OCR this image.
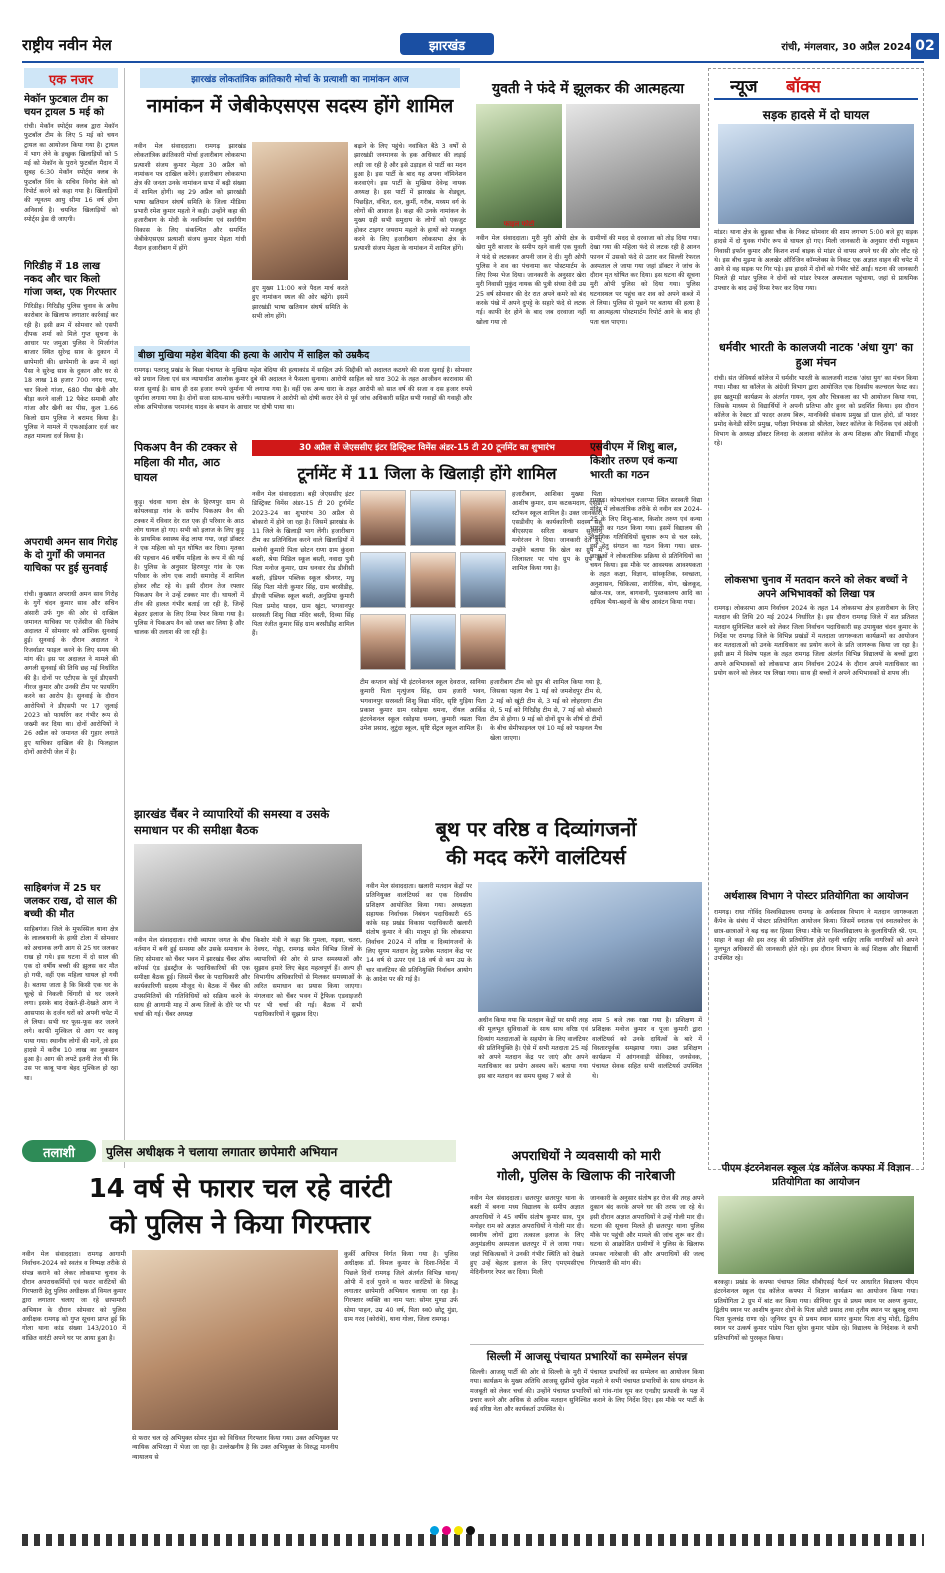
राष्ट्रीय नवीन मेल	झारखंड	रांची, मंगलवार, 30 अप्रैल 2024 02
एक नजर
मेकॉन फुटबाल टीम का चयन ट्रायल 5 मई को
रांची। मेकॉन स्पोर्ट्स क्लब द्वारा मेकॉन फुटबॉल टीम के लिए 5 मई को चयन ट्रायल का आयोजन किया गया है। ट्रायल में भाग लेने के इच्छुक खिलाड़ियों को 5 मई को मेकॉन के पुराने फुटबॉल मैदान में सुबह 6:30 मेकॉन स्पोर्ट्स क्लब के फुटबॉल विंग के सचिव विनोद बेले को रिपोर्ट करने को कहा गया है। खिलाड़ियों की न्यूनतम आयु सीमा 16 वर्ष होना अनिवार्य है। चयनित खिलाड़ियों को स्पोर्ट्स ड्रेस दी जाएगी।
गिरिडीह में 18 लाख नकद और चार किलो गांजा जब्त, एक गिरफ्तार
गिरिडीह। गिरिडीह पुलिस चुनाव के अवैध कारोबार के खिलाफ लगातार कार्रवाई कर रही है। इसी क्रम में सोमवार को एसपी दीपक शर्मा को मिले गुप्त सूचना के आधार पर जमुआ पुलिस ने मिर्जागंज बाजार स्थित सुरेन्द्र साव के दुकान में छापेमारी की। छापेमारी के क्रम में वहां पैसा ने सुरेन्द्र साव के दुकान और घर से 18 लाख 18 हजार 700 नगद रुपए, चार किलो गांजा, 680 पीस खैनी और बीड़ा करने वाली 12 पैकेट समाबी और गांजा और खैनी का पीस, कुल 1.66 किलो ग्राम पुलिस ने बरामद किया है। पुलिस ने मामले में एफआईआर दर्ज कर तहत मामला दर्ज किया है।
अपराधी अमन साव गिरोह के दो गुर्गों की जमानत याचिका पर हुई सुनवाई
रांची। कुख्यात अपराधी अमन साव गिरोह के गुर्गे चंदन कुमार साव और सचिन अंसारी उर्फ गुरु की ओर से दाखिल जमानत याचिका पर एजेंसीज की विशेष अदालत में सोमवार को आंशिक सुनवाई हुई। सुनवाई के दौरान अदालत ने रिजर्वाडर फाइल करने के लिए समय की मांग की। इस पर अदालत ने मामले की अगली सुनवाई की तिथि छह मई निर्धारित की है। दोनों पर एटीएस के पूर्व डीएसपी नीरज कुमार और उनकी टीम पर फायरिंग करने का आरोप है। सुनवाई के दौरान आरोपियों ने डीएसपी पर 17 जुलाई 2023 को फायरिंग कर गंभीर रूप से जख्मी कर दिया था। दोनों आरोपियों ने 26 अप्रैल को जमानत की गुहार लगाते हुए याचिका दाखिल की है। फिलहाल दोनों आरोपी जेल में है।
साहिबगंज में 25 घर जलकर राख, दो साल की बच्ची की मौत
साहिबगंज। जिले के मुफस्सिल थाना क्षेत्र के लालबथानी के हाथी टोला में सोमवार को अचानक लगी आग से 25 घर जलकर राख हो गये। इस घटना में दो साल की एक दो वर्षीय बच्ची की झुलस कर मौत हो गयी, वहीं एक महिला घायल हो गयी है। बताया जाता है कि किसी एक घर के चूल्हे से निकली चिंगारी से घर जलने लगा। इसके बाद देखते-ही-देखते आग ने आसपास के दर्जन घरों को अपनी चपेट में ले लिया। सभी घर फूस-फूस कर जलने लगे। काफी मुश्किल से आग पर काबू पाया गया। स्थानीय लोगों की मानें, तो इस हादसे में करीब 10 लाख का नुकसान हुआ है। आग की लपटें इतनी तेज थी कि उस पर काबू पाना बेहद मुश्किल हो रहा था।
झारखंड लोकतांत्रिक क्रांतिकारी मोर्चा के प्रत्याशी का नामांकन आज
नामांकन में जेबीकेएसएस सदस्य होंगे शामिल
नवीन मेल संवाददाता। रामगढ़ झारखंड लोकतांत्रिक क्रांतिकारी मोर्चा हजारीबाग लोकसभा प्रत्याशी संजय कुमार मेहता 30 अप्रैल को नामांकन पत्र दाखिल करेंगे। हजारीबाग लोकसभा क्षेत्र की जनता उनके नामांकन सभा में बढ़ी संख्या में शामिल होगी। वह 29 अप्रैल को झारखंडी भाषा खतियान संघर्ष समिति के जिला मीडिया प्रभारी रमेश कुमार महतो ने कही। उन्होंने कहा की हजारीबाग के मोदी के नवनिर्माण एवं सर्वांगीण विकास के लिए संकल्पित और समर्पित जेबीकेएसएस प्रत्याशी संजय कुमार मेहता गांधी मैदान हजारीबाग में होंगे
हुए मुख्य 11:00 बजे पैदल मार्च करते हुए नामांकन स्थल की ओर बढ़ेंगे। इसमें झारखंडी भाषा खतियान संघर्ष समिति के सभी लोग होंगे।
बढ़ाने के लिए पहुंचे। नवांकित बैठे 3 वर्षों से झारखंडी जनमानस के हक अधिकार की लड़ाई लड़ी जा रही है और इसे उड़ाइल से पार्टी का मदन हुआ है। इस पार्टी के बाद यह अपना नॉमिनेशन करवाएंगे। इस पार्टी के मुखिया देवेन्द्र नायक अध्यक्ष है। इस पार्टी में झारखंड के शेड्यूल, पिछड़ित, वंचित, दल, कुर्मी, गरीब, मध्यम वर्ग के लोगों की आवाज है। कहा की उनके नामांकन के मुख्य ग्रही सभी समुदाय के लोगों को एकजुट होकर टाइगर जयराम महतो के हाथों को मजबूत करने के लिए हजारीबाग लोकसभा क्षेत्र के प्रत्याशी संजय मेहता के नामांकन में शामिल होंगे।
युवती ने फंदे में झूलकर की आत्महत्या
फाइल फोटो
नवीन मेल संवाददाता। मुरी मुरी ओपी क्षेत्र के खेरा मुरी बाजार के समीप रहने वाली एक युवती ने फंदे से लटककर अपनी जान दे दी। मुरी ओपी पुलिस ने शव का पंचनामा कर पोस्टमार्टम के लिए रिम्स भेज दिया। जानकारी के अनुसार खेरा मुरी निवासी मुकुंद नायक की पुत्री संध्या देवी उम्र 25 वर्ष सोमवार की देर रात अपने कमरे को बंद करके पंखे में अपने दुपट्टे के सहारे फंदे से लटक गई। काफी देर होने के बाद जब दरवाजा नहीं खोला गया तो
ग्रामीणों की मदद से दरवाजा को तोड़ दिया गया। देखा गया की महिला फंदे से लटक रही है आनन फानन में उसको फंदे से उतार कर सिल्ली रेफरल अस्पताल ले जाया गया जहां डॉक्टर ने जांच के दौरान मृत घोषित कर दिया। इस घटना की सूचना मुरी ओपी पुलिस को दिया गया। पुलिस घटनास्थल पर पहुंच कर शव को अपने कब्जे में ले लिया। पुलिस से पूछने पर बताया की हत्या है या आत्महत्या पोस्टमार्टम रिपोर्ट आने के बाद ही पता चल पाएगा।
न्यूज बॉक्स
सड़क हादसे में दो घायल
मांडर। थाना क्षेत्र के बुड़का चौक के निकट सोमवार की शाम लगभग 5:00 बजे हुए सड़क हादसे में दो युवक गंभीर रूप से घायल हो गए। मिली जानकारी के अनुसार रांची मधुकम निवासी इर्फान कुमार और किशन शर्मा बाइक से मांडर से वापस अपने घर की ओर लौट रहे थे। इस बीच मुड़मा के अलखेर ऑरिजिन कॉम्प्लेक्स के निकट एक अज्ञात वाहन की चपेट में आने से वह सड़क पर गिर पड़े। इस हादसे में दोनों को गंभीर चोटें आईं। घटना की जानकारी मिलते ही मांडर पुलिस ने दोनों को मांडर रेफरल अस्पताल पहुंचाया, जहां से प्राथमिक उपचार के बाद उन्हें रिम्स रेफर कर दिया गया।
धर्मवीर भारती के कालजयी नाटक 'अंधा युग' का हुआ मंचन
रांची। संत जेवियर्स कॉलेज में धर्मवीर भारती के कालजयी नाटक 'अंधा युग' का मंचन किया गया। मौका था कॉलेज के अंग्रेजी विभाग द्वारा आयोजित एक दिवसीय कल्चरल फेस्ट का। इस खतुमड़ी कार्यक्रम के अंतर्गत गायन, नृत्य और चित्रकला का भी आयोजन किया गया, जिसके माध्यम से विद्यार्थियों ने अपनी प्रतिभा और हुनर को प्रदर्शित किया। इस दौरान कॉलेज के रेक्टर डॉ फादर अजय बिरू, मानविकी संकाय प्रमुख डॉ ग्राल होरो, डॉ फादर प्रमोद केनेडी सोरेंग प्रमुख, परीक्षा नियंत्रक प्रो श्रीलेता, रेक्टर कॉलेज के निर्देशक एवं अंग्रेजी विभाग के अध्यक्ष डॉक्टर लिनदा के अलावा कॉलेज के अन्य शिक्षक और विद्यार्थी मौजूद रहे।
लोकसभा चुनाव में मतदान करने को लेकर बच्चों ने अपने अभिभावकों को लिखा पत्र
रामगढ़। लोकसभा आम निर्वाचन 2024 के तहत 14 लोकसभा क्षेत्र हजारीबाग के लिए मतदान की तिथि 20 मई 2024 निर्धारित है। इस दौरान रामगढ़ जिले में शत प्रतिशत मतदान सुनिश्चित करने को लेकर जिला निर्वाचन पदाधिकारी सह उपायुक्त चंदन कुमार के निर्देश पर रामगढ़ जिले के विभिन्न प्रखंडों में मतदाता जागरूकता कार्यक्रमों का आयोजन कर मतदाताओं को उनके मताधिकार का प्रयोग करने के प्रति जागरूक किया जा रहा है। इसी क्रम में विशेष पहल के तहत रामगढ़ जिला अंतर्गत विभिन्न विद्यालयों के बच्चों द्वारा अपने अभिभावकों को लोकसभा आम निर्वाचन 2024 के दौरान अपने मताधिकार का प्रयोग करने को लेकर पत्र लिखा गया। साथ ही बच्चों ने अपने अभिभावकों से शपथ ली।
अर्थशास्त्र विभाग ने पोस्टर प्रतियोगिता का आयोजन
रामगढ़। राधा गोविंद विश्वविद्यालय रामगढ़ के अर्थशास्त्र विभाग ने मतदान जागरूकता कैंपेन के संबंध में पोस्टर प्रतियोगिता आयोजन किया। जिसमें स्नातक एवं स्नातकोत्तर के छात्र-छात्राओं ने बढ़ चढ़ कर हिस्सा लिया। मौके पर विश्वविद्यालय के कुलाधिपति श्री. एम. साहा ने कहा की इस तरह की प्रतियोगिता होते रहनी चाहिए ताकि नागरिकों को अपने मूलभूत अधिकारों की जानकारी होते रहे। इस दौरान विभाग के कई शिक्षक और विद्यार्थी उपस्थित रहे।
पीएम इंटरनेशनल स्कूल एंड कॉलेज कफ्फा में विज्ञान प्रतियोगिता का आयोजन
बीछा मुखिया महेश बेदिया की हत्या के आरोप में साहिल को उम्रकैद
रामगढ़। पतरातू प्रखंड के बिछा पंचायत के मुखिया महेश बेदिया की हत्याकांड में साहिल उर्फ सिद्दीकी को अदालत कठघरे की सजा सुनाई है। सोमवार को प्रधान जिला एवं सत्र न्यायाधीश आलोक कुमार दुबे की अदालत ने फैसला सुनाया। आरोपी साहिल को धारा 302 के तहत आजीवन कारावास की सजा सुनाई है। साथ ही दस हजार रुपये जुर्माना भी लगाया गया है। वहीं एक अन्य धारा के तहत आरोपी को सात वर्ष की सजा व दस हजार रुपये जुर्माना लगाया गया है। दोनों सजा साथ-साथ चलेंगी। न्यायालय ने आरोपी को दोषी करार देने से पूर्व जांच अधिकारी सहित सभी गवाहों की गवाही और लोक अभियोजक परमानंद यादव के बयान के आधार पर दोषी पाया था।
पिकअप वैन की टक्कर से महिला की मौत, आठ घायल
कुड़ू। चंदवा थाना क्षेत्र के हिरणपुर ग्राम से कोयलवाड़ा गांव के समीप पिकअप वैन की टक्कर में रविवार देर रात एक ही परिवार के आठ लोग घायल हो गए। सभी को इलाज के लिए कुड़ू के प्राथमिक स्वास्थ्य केंद्र लाया गया, जहां डॉक्टर ने एक महिला को मृत घोषित कर दिया। मृतका की पहचान 46 वर्षीय महिला के रूप में की गई है। पुलिस के अनुसार हिरणपुर गांव के एक परिवार के लोग एक शादी समारोह में शामिल होकर लौट रहे थे। इसी दौरान तेज रफ्तार पिकअप वैन ने उन्हें टक्कर मार दी। घायलों में तीन की हालत गंभीर बताई जा रही है, जिन्हें बेहतर इलाज के लिए रिम्स रेफर किया गया है। पुलिस ने पिकअप वैन को जब्त कर लिया है और चालक की तलाश की जा रही है।
30 अप्रैल से जेएससीए इंटर डिस्ट्रिक्ट विमेंस अंडर-15 टी 20 टूर्नामेंट का शुभारंभ
टूर्नामेंट में 11 जिला के खिलाड़ी होंगे शामिल
नवीन मेल संवाददाता। बही जेएससीए इंटर डिस्ट्रिक्ट विमेंस अंडर-15 टी 20 टूर्नामेंट 2023-24 का शुभारंभ 30 अप्रैल से बोकारो में होने जा रहा है। जिसमें झारखंड के 11 जिले के खिलाड़ी भाग लेंगी। हजारीबाग टीम का प्रतिनिधित्व करने वाले खिलाड़ियों में सलोनी कुमारी पिता छोटन राणा ग्राम कुंदवा बस्ती, श्रेया मिडिल स्कूल बस्ती, नवादा पुत्री पिता मनोज कुमार, ग्राम धनवार रोड डीवीसी बस्ती, इंडियन पब्लिक स्कूल श्रीनगर, मधु सिंह पिता मोती कुमार सिंह, ग्राम बरसीडीह, डीएवी पब्लिक स्कूल बस्ती, अनुप्रिया कुमारी पिता प्रमोद यादव, ग्राम खुंटा, भगवानपुर सरस्वती शिशु विद्या मंदिर बस्ती, दिव्या सिंह पिता रंजीत कुमार सिंह ग्राम बरसीडीह शामिल हैं।
हजारीबाग, आशिका मुख्या पिता आशीष कुमार, ग्राम कटकमदाग, एसडी स्टॉफन स्कूल शामिल है। उक्त जानकारी एसडीवीए के कार्यकारिणी सदस्य सह बीएसएस सरिता कच्छप सुल्तान मनोरंजन ने दिया। जानकारी देते हुए उन्होंने बताया कि खेल का ग्रुप में जिलास्तर पर पांच ग्रुप के ग्रुप बी शामिल किया गया है।
टीम कप्तान कोई भी इंटरनेशनल स्कूल देवराज, सानिया कुमारी पिता मृत्युंजय सिंह, ग्राम हजारी भवन, भगवानपुर सरस्वती शिशु विद्या मंदिर, सृष्टि गुड़िया पिता प्रकाश कुमार ग्राम रसोइया धमना, रॉयल आर्किड इंटरनेशनल स्कूल रसोइया धमना, कुमारी नम्रता पिता उमेश प्रसाद, लुटुंदा स्कूल, सृष्टि सेंट्रल स्कूल शामिल हैं।
हजारीबाग टीम को ग्रुप बी शामिल किया गया है, जिसका पहला मैच 1 मई को जमशेदपुर टीम से, 2 मई को खूंटी टीम से, 3 मई को लोहरदगा टीम से, 5 मई को गिरिडीह टीम से, 7 मई को बोकारो टीम से होगा। 9 मई को दोनों ग्रुप के शीर्ष दो टीमों के बीच सेमीफाइनल एवं 10 मई को फाइनल मैच खेला जाएगा।
एसवीएम में शिशु बाल, किशोर तरुण एवं कन्या भारती का गठन
रामगढ़। कोयलांचल रजरप्पा स्थित सरस्वती विद्या मंदिर में लोकतांत्रिक तरीके से नवीन सत्र 2024-25 के लिए शिशु-बाल, किशोर तरुण एवं कन्या भारती का गठन किया गया। इसमें विद्यालय की शैक्षणिक गतिविधियों सुचारू रूप से चल सके, इस हेतु संगठन का गठन किया गया। छात्र-छात्राओं ने लोकतांत्रिक प्रक्रिया से प्रतिनिधियों का चयन किया। इस मौके पर आवश्यक आवश्यकता के तहत कक्षा, विज्ञान, सांस्कृतिक, स्वच्छता, अनुशासन, चिकित्सा, शारीरिक, योग, खेलकूद, खोज-पत्र, जल, बागवानी, पुस्तकालय आदि का दायित्व भैया-बहनों के बीच आवंटन किया गया।
झारखंड चैंबर ने व्यापारियों की समस्या व उसके समाधान पर की समीक्षा बैठक
नवीन मेल संवाददाता। रांची व्यापार जगत के बीच वर्तमान में बनी हुई समस्या और उसके समाधान के लिए सोमवार को चैंबर भवन में झारखंड चैंबर ऑफ कॉमर्स एंड इंडस्ट्रीज के पदाधिकारियों की एक समीक्षा बैठक हुई। जिसमें चैंबर के पदाधिकारी और कार्यकारिणी सदस्य मौजूद थे। बैठक में चैंबर की उपसमितियों की गतिविधियों को सक्रिय करने के साथ ही आगामी माह में अन्य जिलों के दौरे पर भी चर्चा की गई। चैंबर अध्यक्ष
किशोर मंत्री ने कहा कि गुमला, गढ़वा, चतरा, देवघर, गोड्डा, रामगढ़ समेत विभिन्न जिलों के व्यापारियों की ओर से प्राप्त समस्याओं और सुझाव हमारे लिए बेहद महत्वपूर्ण हैं। अल्प ही विभागीय अधिकारियों से मिलकर समस्याओं के त्वरित समाधान का प्रयास किया जाएगा। मंगलवार को चैंबर भवन में ट्रैफिक एडवाइजरी पर भी चर्चा की गई। बैठक में सभी पदाधिकारियों ने सुझाव दिए।
बूथ पर वरिष्ठ व दिव्यांगजनों
की मदद करेंगे वालंटियर्स
नवीन मेल संवाददाता। खलारी मतदान केंद्रों पर प्रतिनियुक्त वालंटियर्स का एक दिवसीय प्रशिक्षण आयोजित किया गया। अध्यक्षता सहायक निर्वाचक निबंधन पदाधिकारी 65 कांके सह प्रखंड विकास पदाधिकारी खलारी संतोष कुमार ने की। मालूम हो कि लोकसभा निर्वाचन 2024 में वरिष्ठ व दिव्यांगजनों के लिए सुगम मतदान हेतु प्रत्येक मतदान केंद्र पर 14 वर्ष से ऊपर एवं 18 वर्ष से कम उम्र के चार वालंटियर की प्रतिनियुक्ति निर्वाचन आयोग के आदेश पर की गई है।
अधीन किया गया कि मतदान केंद्रों पर सभी तरह की मूलभूत सुविधाओं के साथ साथ वरिष्ठ एवं दिव्यांग मतदाताओं के सहयोग के लिए वालंटियर की प्रतिनियुक्ति है। ऐसे में सभी मतदाता 25 मई को अपने मतदान केंद्र पर जाएं और अपने मताधिकार का प्रयोग अवश्य करें। बताया गया इस बार मतदान का समय सुबह 7 बजे से
शाम 5 बजे तक रखा गया है। प्रशिक्षण में प्रशिक्षक मनोज कुमार व पूजा कुमारी द्वारा वालंटियर्स को उनके दायित्वों के बारे में विस्तारपूर्वक समझाया गया। उक्त प्रशिक्षण कार्यक्रम में आंगनवाड़ी सेविका, जनसेवक, पंचायत सेवक सहित सभी वालंटियर्स उपस्थित थे।
तलाशी	पुलिस अधीक्षक ने चलाया लगातार छापेमारी अभियान
14 वर्ष से फारार चल रहे वारंटी
को पुलिस ने किया गिरफ्तार
नवीन मेल संवाददाता। रामगढ़ आगामी निर्वाचन-2024 को स्वतंत्र व निष्पक्ष तरीके से संपन्न कराने को लेकर लोकसभा चुनाव के दौरान अपराधकर्मियों एवं फरार वारंटियों की गिरफ्तारी हेतु पुलिस अधीक्षक डॉ विमल कुमार द्वारा लगातार चलाए जा रहे छापामारी अभियान के दौरान सोमवार को पुलिस अधीक्षक रामगढ़ को गुप्त सूचना प्राप्त हुई कि गोला थाना कांड संख्या 143/2010 में वांछित वारंटी अपने घर पर आया हुआ है।
कुर्की अधिपत्र निर्गत किया गया है। पुलिस अधीक्षक डॉ. विमल कुमार के दिशा-निर्देश में पिछले दिनों रामगढ़ जिले अंतर्गत विभिन्न थाना/ओपी में दर्ज पुराने व फरार वारंटियों के विरुद्ध लगातार छापेमारी अभियान चलाया जा रहा है। गिरफ्तार व्यक्ति का नाम पता: सोमर मुण्डा उर्फ सोमा पाहन, उम्र 40 वर्ष, पिता स्व0 छोटू मुंडा, ग्राम गरद (कोरांबे), थाना गोला, जिला रामगढ़।
से फरार चल रहे अभियुक्त सोमर मुंडा को विधिवत गिरफ्तार किया गया। उक्त अभियुक्त पर न्यायिक अभिरक्षा में भेजा जा रहा है। उल्लेखनीय है कि उक्त अभियुक्त के विरुद्ध माननीय न्यायालय से
अपराधियों ने व्यवसायी को मारी
गोली, पुलिस के खिलाफ की नारेबाजी
नवीन मेल संवाददाता। छतरपुर छतरपुर थाना के बस्ती में बनना मध्य विद्यालय के समीप अज्ञात अपराधियों ने 45 वर्षीय संतोष कुमार साव, पुत्र मनोहर राम को अज्ञात अपराधियों ने गोली मार दी। स्थानीय लोगों द्वारा तत्काल इलाज के लिए अनुमंडलीय अस्पताल छतरपुर में ले जाया गया। जहां चिकित्सकों ने उनकी गंभीर स्थिति को देखते हुए उन्हें बेहतर इलाज के लिए एमएमसीएच मेदिनीनगर रेफर कर दिया। मिली
जानकारी के अनुसार संतोष हर रोज की तरह अपने दुकान बंद करके अपने घर की तरफ जा रहे थे। इसी दौरान अज्ञात अपराधियों ने उन्हें गोली मार दी। घटना की सूचना मिलते ही छतरपुर थाना पुलिस मौके पर पहुंची और मामले की जांच शुरू कर दी। घटना से आक्रोशित ग्रामीणों ने पुलिस के खिलाफ जमकर नारेबाजी की और अपराधियों की जल्द गिरफ्तारी की मांग की।
सिल्ली में आजसू पंचायत प्रभारियों का सम्मेलन संपन्न
सिल्ली। आजसू पार्टी की ओर से सिल्ली के मुरी में पंचायत प्रभारियों का सम्मेलन का आयोजन किया गया। कार्यक्रम के मुख्य अतिथि आजसू सुप्रीमो सुदेश महतो ने सभी पंचायत प्रभारियों के साथ संगठन के मजबूती को लेकर चर्चा की। उन्होंने पंचायत प्रभारियों को गांव-गांव घूम कर एनडीए प्रत्याशी के पक्ष में प्रचार करने और अधिक से अधिक मतदान सुनिश्चित कराने के लिए निर्देश दिए। इस मौके पर पार्टी के कई वरिष्ठ नेता और कार्यकर्ता उपस्थित थे।
बरकट्ठा। प्रखंड के कफ्फा पंचायत स्थित सीबीएसई पैटर्न पर आधारित विद्यालय पीएम इंटरनेशनल स्कूल एंड कॉलेज कफ्फा में विज्ञान कार्यक्रम का आयोजन किया गया। प्रतियोगिता 2 ग्रुप में बांट कर किया गया। सीनियर ग्रुप से प्रथम स्थान पर अरुण कुमार, द्वितीय स्थान पर आशीष कुमार दोनों के पिता छोटी प्रसाद तथा तृतीय स्थान पर खुशबू राणा पिता फूलचंद्र राणा रहे। जूनियर ग्रुप से प्रथम स्थान सागर कुमार पिता शंभु मोदी, द्वितीय स्थान पर उत्कर्ष कुमार पांडेय पिता सुरेश कुमार पांडेय रहे। विद्यालय के निदेशक ने सभी प्रतिभागियों को पुरस्कृत किया।
